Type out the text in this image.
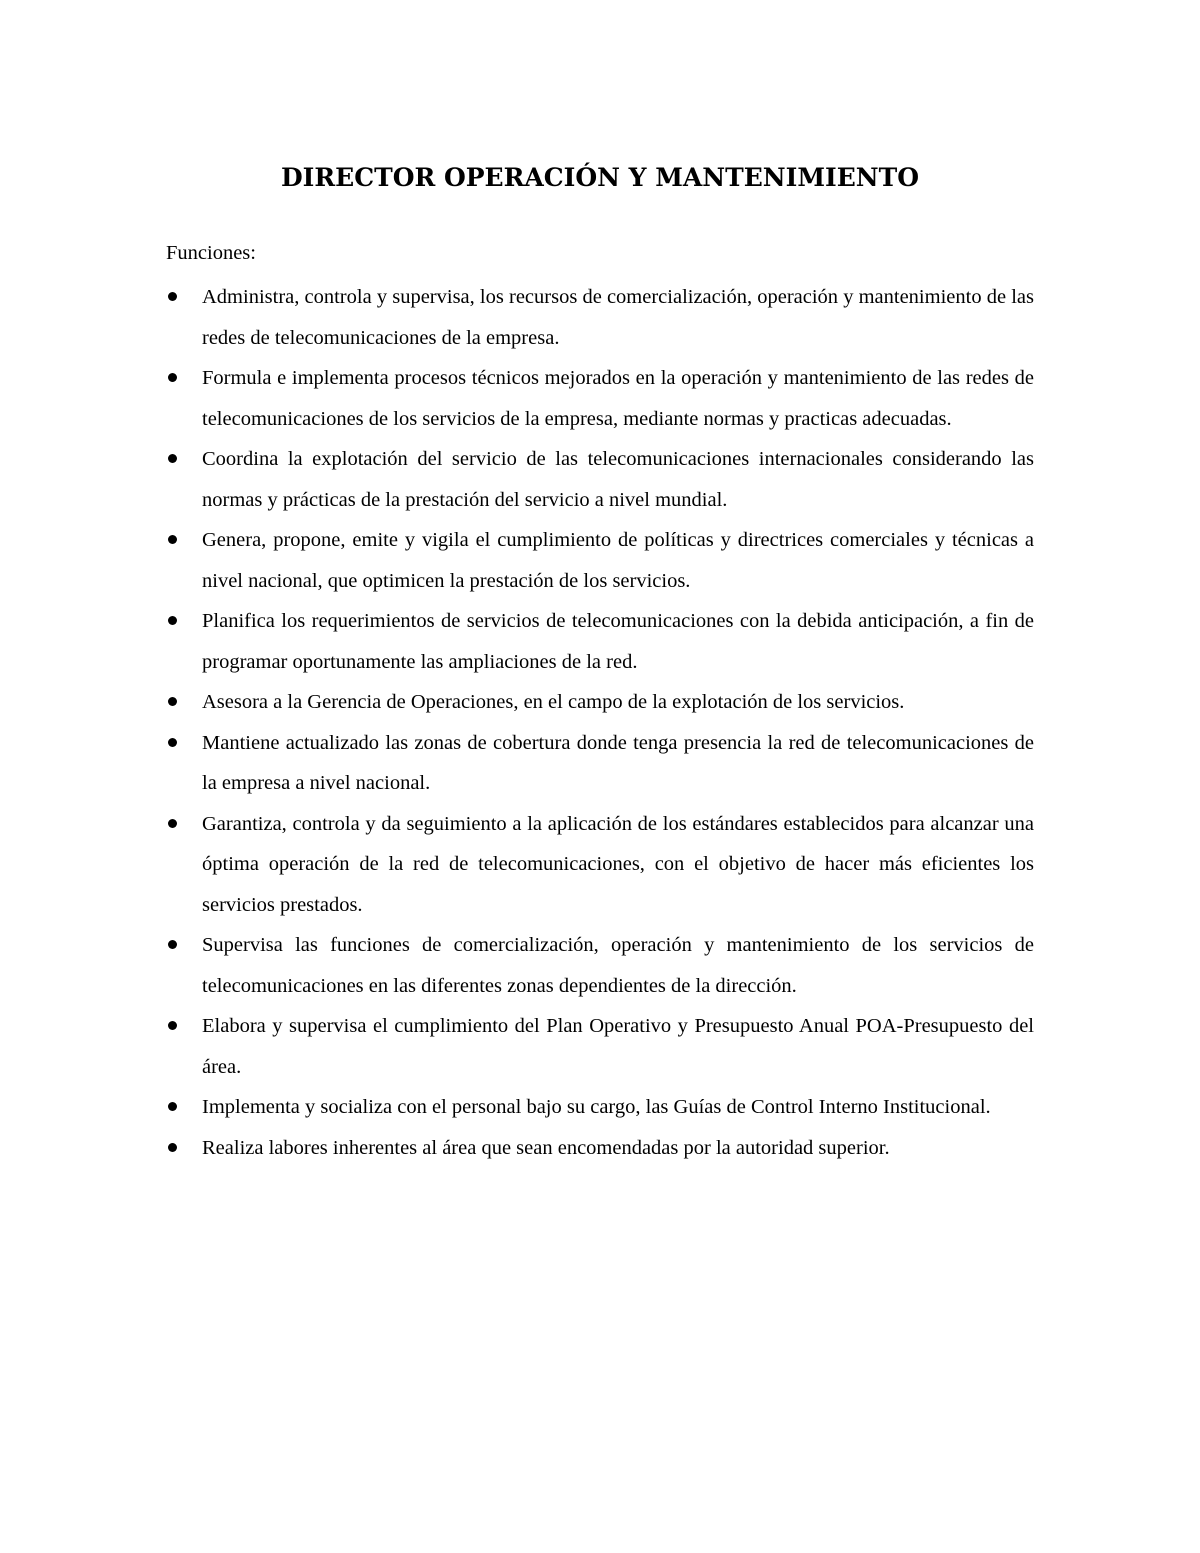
DIRECTOR OPERACIÓN Y MANTENIMIENTO

Funciones:

Administra, controla y supervisa, los recursos de comercialización, operación y mantenimiento de las redes de telecomunicaciones de la empresa.
Formula e implementa procesos técnicos mejorados en la operación y mantenimiento de las redes de telecomunicaciones de los servicios de la empresa, mediante normas y practicas adecuadas.
Coordina la explotación del servicio de las telecomunicaciones internacionales considerando las normas y prácticas de la prestación del servicio a nivel mundial.
Genera, propone, emite y vigila el cumplimiento de políticas y directrices comerciales y técnicas a nivel nacional, que optimicen la prestación de los servicios.
Planifica los requerimientos de servicios de telecomunicaciones con la debida anticipación, a fin de programar oportunamente las ampliaciones de la red.
Asesora a la Gerencia de Operaciones, en el campo de la explotación de los servicios.
Mantiene actualizado las zonas de cobertura donde tenga presencia la red de telecomunicaciones de la empresa a nivel nacional.
Garantiza, controla y da seguimiento a la aplicación de los estándares establecidos para alcanzar una óptima operación de la red de telecomunicaciones, con el objetivo de hacer más eficientes los servicios prestados.
Supervisa las funciones de comercialización, operación y mantenimiento de los servicios de telecomunicaciones en las diferentes zonas dependientes de la dirección.
Elabora y supervisa el cumplimiento del Plan Operativo y Presupuesto Anual POA-Presupuesto del área.
Implementa y socializa con el personal bajo su cargo, las Guías de Control Interno Institucional.
Realiza labores inherentes al área que sean encomendadas por la autoridad superior.
